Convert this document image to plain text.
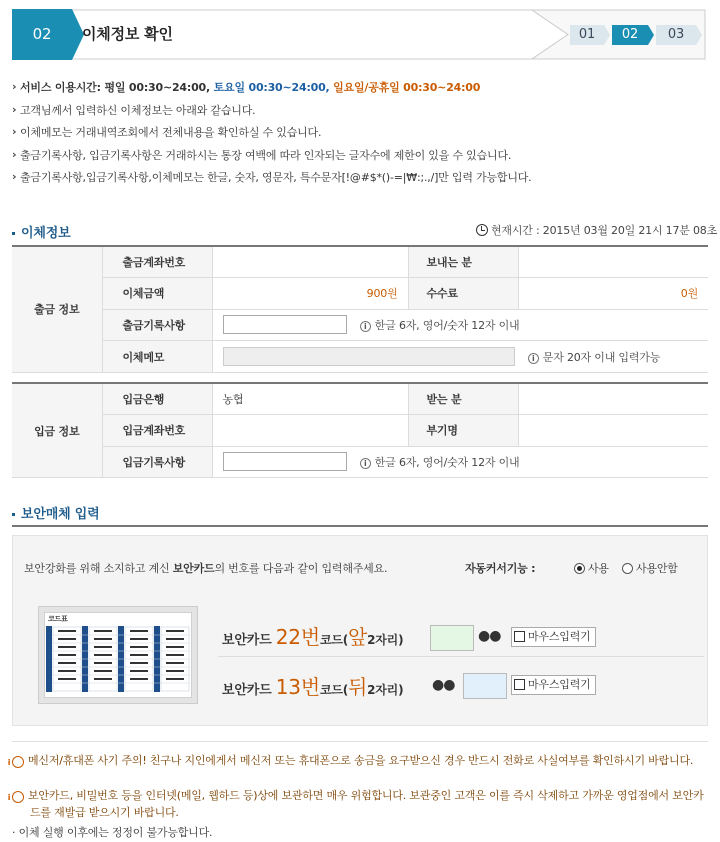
02	이체정보 확인	01	02	03
› 서비스 이용시간: 평일 00:30~24:00, 토요일 00:30~24:00, 일요일/공휴일 00:30~24:00
› 고객님께서 입력하신 이체정보는 아래와 같습니다.
› 이체메모는 거래내역조회에서 전체내용을 확인하실 수 있습니다.
› 출금기록사항, 입금기록사항은 거래하시는 통장 여백에 따라 인자되는 글자수에 제한이 있을 수 있습니다.
› 출금기록사항,입금기록사항,이체메모는 한글, 숫자, 영문자, 특수문자[!@#$*()-=|₩:;.,/]만 입력 가능합니다.
이체정보	현재시간 : 2015년 03월 20일 21시 17분 08초
출금 정보	출금계좌번호		보내는 분	
	이체금액	900원	수수료	0원
	출금기록사항	i 한글 6자, 영어/숫자 12자 이내		
	이체메모	i 문자 20자 이내 입력가능		
입금 정보	입금은행	농협	받는 분	
	입금계좌번호		부기명	
	입금기록사항	i 한글 6자, 영어/숫자 12자 이내		
보안매체 입력
보안강화를 위해 소지하고 계신 보안카드의 번호를 다음과 같이 입력해주세요.	자동커서기능 :	사용	사용안함
코드표
보안카드 22번코드(앞2자리)	●●	마우스입력기
보안카드 13번코드(뒤2자리) ●●	마우스입력기
i 메신저/휴대폰 사기 주의! 친구나 지인에게서 메신저 또는 휴대폰으로 송금을 요구받으신 경우 반드시 전화로 사실여부를 확인하시기 바랍니다.
i 보안카드, 비밀번호 등을 인터넷(메일, 웹하드 등)상에 보관하면 매우 위험합니다. 보관중인 고객은 이를 즉시 삭제하고 가까운 영업점에서 보안카드를 재발급 받으시기 바랍니다.
· 이체 실행 이후에는 정정이 불가능합니다.
